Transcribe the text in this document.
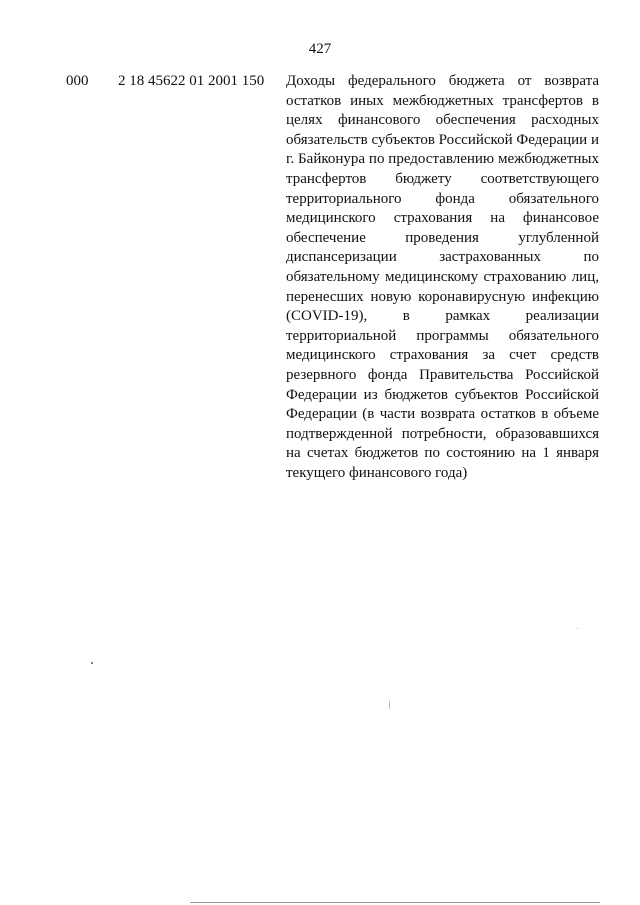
427
000 2 18 45622 01 2001 150 Доходы федерального бюджета от возврата остатков иных межбюджетных трансфертов в целях финансового обеспечения расходных обязательств субъектов Российской Федерации и г. Байконура по предоставлению межбюджетных трансфертов бюджету соответствующего территориального фонда обязательного медицинского страхования на финансовое обеспечение проведения углубленной диспансеризации застрахованных по обязательному медицинскому страхованию лиц, перенесших новую коронавирусную инфекцию (COVID-19), в рамках реализации территориальной программы обязательного медицинского страхования за счет средств резервного фонда Правительства Российской Федерации из бюджетов субъектов Российской Федерации (в части возврата остатков в объеме подтвержденной потребности, образовавшихся на счетах бюджетов по состоянию на 1 января текущего финансового года)
